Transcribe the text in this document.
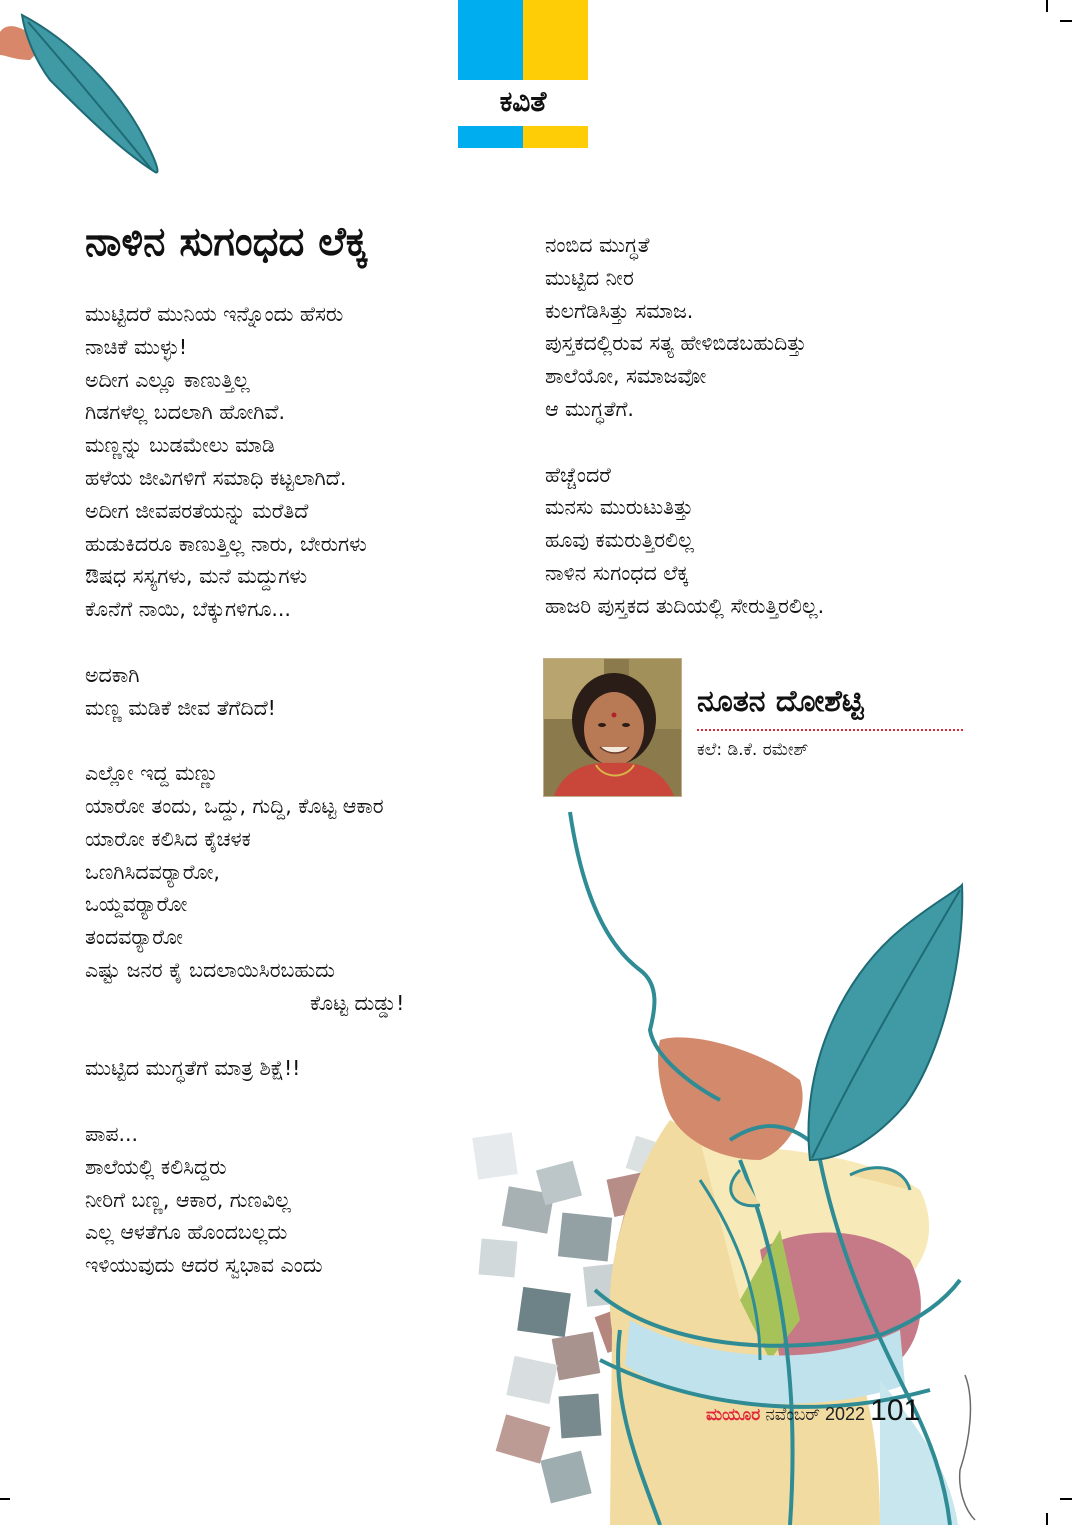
ಕವಿತೆ
ನಾಳಿನ ಸುಗಂಧದ ಲೆಕ್ಕ
ಮುಟ್ಟಿದರೆ ಮುನಿಯ ಇನ್ನೊಂದು ಹೆಸರು
ನಾಚಿಕೆ ಮುಳ್ಳು!
ಅದೀಗ ಎಲ್ಲೂ ಕಾಣುತ್ತಿಲ್ಲ
ಗಿಡಗಳೆಲ್ಲ ಬದಲಾಗಿ ಹೋಗಿವೆ.
ಮಣ್ಣನ್ನು ಬುಡಮೇಲು ಮಾಡಿ
ಹಳೆಯ ಜೀವಿಗಳಿಗೆ ಸಮಾಧಿ ಕಟ್ಟಲಾಗಿದೆ.
ಅದೀಗ ಜೀವಪರತೆಯನ್ನು ಮರೆತಿದೆ
ಹುಡುಕಿದರೂ ಕಾಣುತ್ತಿಲ್ಲ ನಾರು, ಬೇರುಗಳು
ಔಷಧ ಸಸ್ಯಗಳು, ಮನೆ ಮದ್ದುಗಳು
ಕೊನೆಗೆ ನಾಯಿ, ಬೆಕ್ಕುಗಳಿಗೂ...
ಅದಕಾಗಿ
ಮಣ್ಣ ಮಡಿಕೆ ಜೀವ ತೆಗೆದಿದೆ!
ಎಲ್ಲೋ ಇದ್ದ ಮಣ್ಣು
ಯಾರೋ ತಂದು, ಒದ್ದು, ಗುದ್ದಿ, ಕೊಟ್ಟ ಆಕಾರ
ಯಾರೋ ಕಲಿಸಿದ ಕೈಚಳಕ
ಒಣಗಿಸಿದವರ್‍ಯಾರೋ,
ಒಯ್ದವರ್‍ಯಾರೋ
ತಂದವರ್‍ಯಾರೋ
ಎಷ್ಟು ಜನರ ಕೈ ಬದಲಾಯಿಸಿರಬಹುದು
ಕೊಟ್ಟ ದುಡ್ಡು!
ಮುಟ್ಟಿದ ಮುಗ್ಧತೆಗೆ ಮಾತ್ರ ಶಿಕ್ಷೆ!!
ಪಾಪ...
ಶಾಲೆಯಲ್ಲಿ ಕಲಿಸಿದ್ದರು
ನೀರಿಗೆ ಬಣ್ಣ, ಆಕಾರ, ಗುಣವಿಲ್ಲ
ಎಲ್ಲ ಆಳತೆಗೂ ಹೊಂದಬಲ್ಲದು
ಇಳಿಯುವುದು ಆದರ ಸ್ವಭಾವ ಎಂದು
ನಂಬಿದ ಮುಗ್ಧತೆ
ಮುಟ್ಟಿದ ನೀರ
ಕುಲಗೆಡಿಸಿತ್ತು ಸಮಾಜ.
ಪುಸ್ತಕದಲ್ಲಿರುವ ಸತ್ಯ ಹೇಳಿಬಿಡಬಹುದಿತ್ತು
ಶಾಲೆಯೋ, ಸಮಾಜವೋ
ಆ ಮುಗ್ಧತೆಗೆ.
ಹೆಚ್ಚೆಂದರೆ
ಮನಸು ಮುರುಟುತಿತ್ತು
ಹೂವು ಕಮರುತ್ತಿರಲಿಲ್ಲ
ನಾಳಿನ ಸುಗಂಧದ ಲೆಕ್ಕ
ಹಾಜರಿ ಪುಸ್ತಕದ ತುದಿಯಲ್ಲಿ ಸೇರುತ್ತಿರಲಿಲ್ಲ.
ನೂತನ ದೋಶೆಟ್ಟಿ
ಕಲೆ: ಡಿ.ಕೆ. ರಮೇಶ್
ಮಯೂರ ನವೆಂಬರ್ 2022 101
